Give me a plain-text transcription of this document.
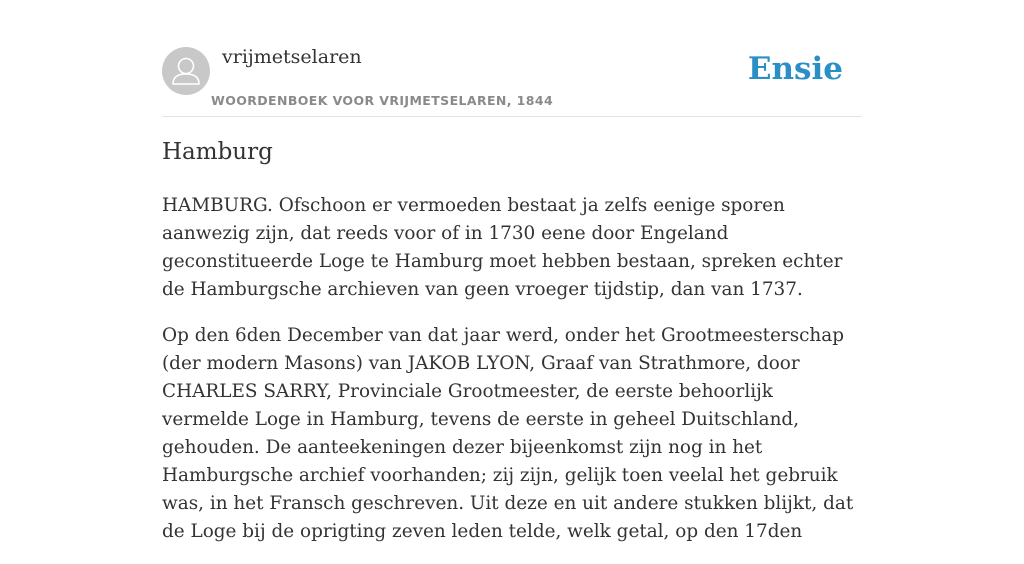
vrijmetselaren
WOORDENBOEK VOOR VRIJMETSELAREN, 1844
Ensie
Hamburg

HAMBURG. Ofschoon er vermoeden bestaat ja zelfs eenige sporen aanwezig zijn, dat reeds voor of in 1730 eene door Engeland geconstitueerde Loge te Hamburg moet hebben bestaan, spreken echter de Hamburgsche archieven van geen vroeger tijdstip, dan van 1737.

Op den 6den December van dat jaar werd, onder het Grootmeesterschap (der modern Masons) van JAKOB LYON, Graaf van Strathmore, door CHARLES SARRY, Provinciale Grootmeester, de eerste behoorlijk vermelde Loge in Hamburg, tevens de eerste in geheel Duitschland, gehouden. De aanteekeningen dezer bijeenkomst zijn nog in het Hamburgsche archief voorhanden; zij zijn, gelijk toen veelal het gebruik was, in het Fransch geschreven. Uit deze en uit andere stukken blijkt, dat de Loge bij de oprigting zeven leden telde, welk getal, op den 17den
